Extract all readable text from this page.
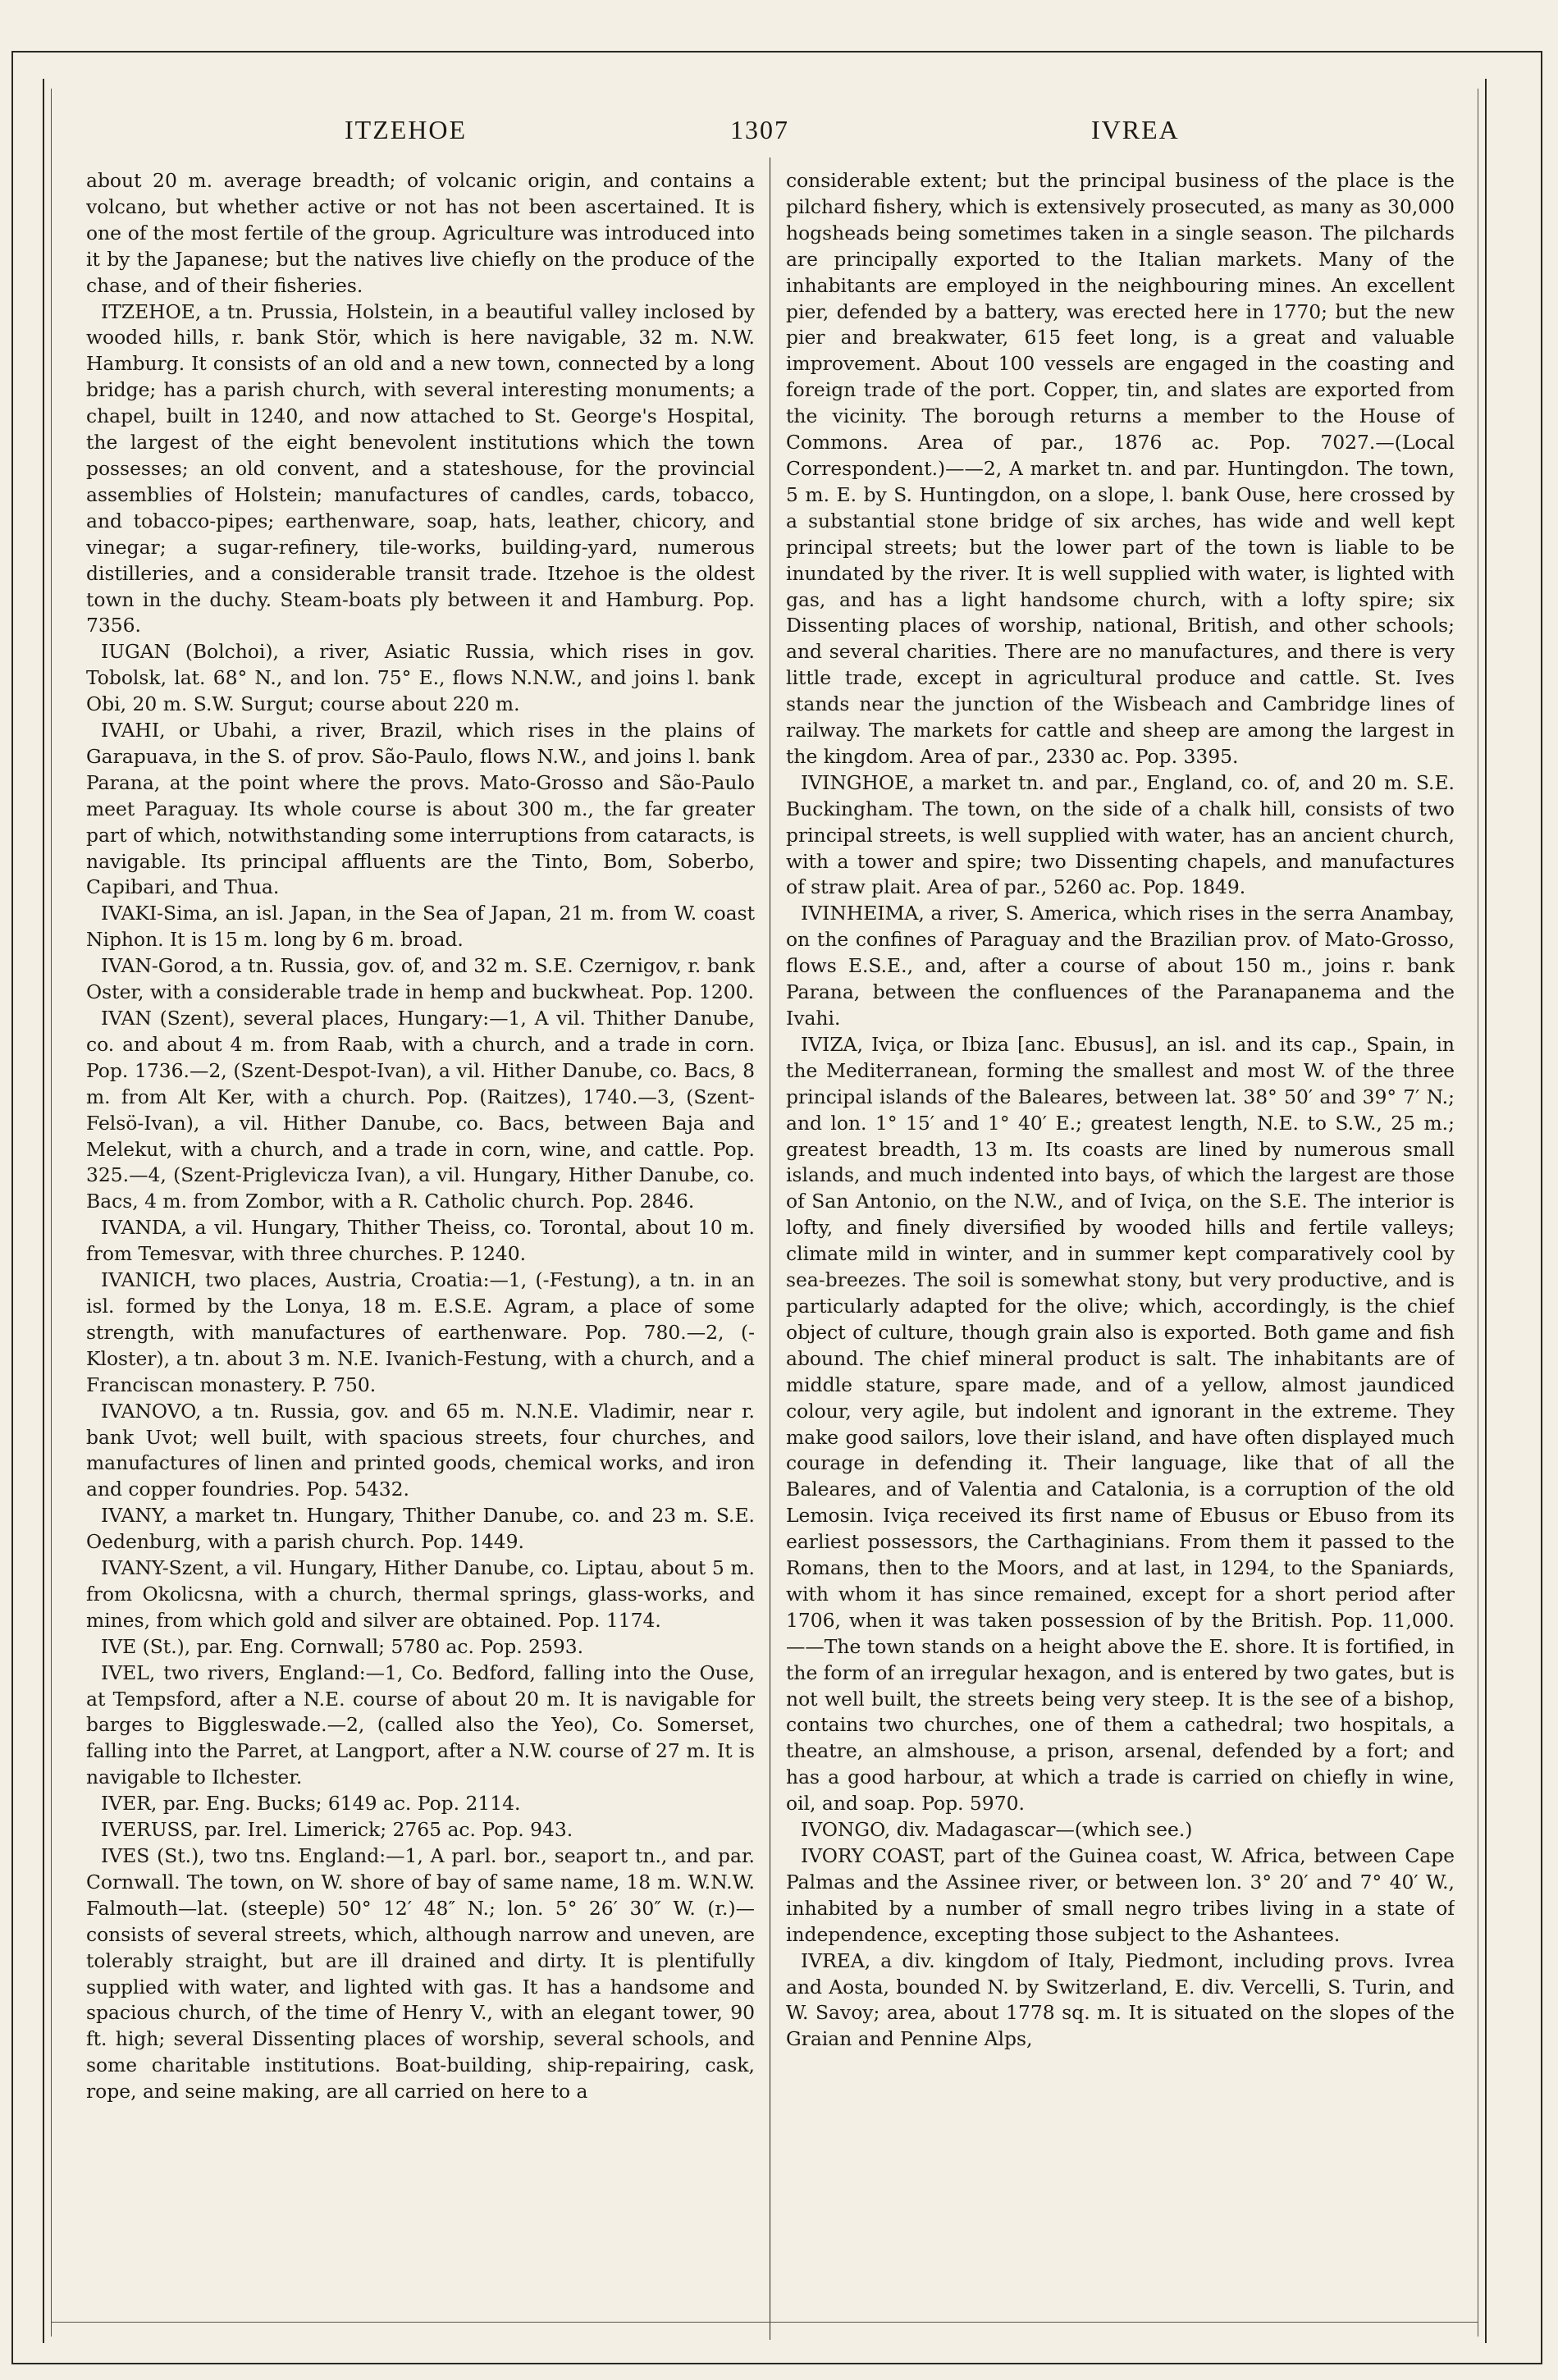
ITZEHOE	1307	IVREA

about 20 m. average breadth; of volcanic origin, and contains a volcano, but whether active or not has not been ascertained. It is one of the most fertile of the group. Agriculture was introduced into it by the Japanese; but the natives live chiefly on the produce of the chase, and of their fisheries.

ITZEHOE, a tn. Prussia, Holstein, in a beautiful valley inclosed by wooded hills, r. bank Stör, which is here navigable, 32 m. N.W. Hamburg. It consists of an old and a new town, connected by a long bridge; has a parish church, with several interesting monuments; a chapel, built in 1240, and now attached to St. George's Hospital, the largest of the eight benevolent institutions which the town possesses; an old convent, and a stateshouse, for the provincial assemblies of Holstein; manufactures of candles, cards, tobacco, and tobacco-pipes; earthenware, soap, hats, leather, chicory, and vinegar; a sugar-refinery, tile-works, building-yard, numerous distilleries, and a considerable transit trade. Itzehoe is the oldest town in the duchy. Steam-boats ply between it and Hamburg. Pop. 7356.

IUGAN (Bolchoi), a river, Asiatic Russia, which rises in gov. Tobolsk, lat. 68° N., and lon. 75° E., flows N.N.W., and joins l. bank Obi, 20 m. S.W. Surgut; course about 220 m.

IVAHI, or Ubahi, a river, Brazil, which rises in the plains of Garapuava, in the S. of prov. São-Paulo, flows N.W., and joins l. bank Parana, at the point where the provs. Mato-Grosso and São-Paulo meet Paraguay. Its whole course is about 300 m., the far greater part of which, notwithstanding some interruptions from cataracts, is navigable. Its principal affluents are the Tinto, Bom, Soberbo, Capibari, and Thua.

IVAKI-Sima, an isl. Japan, in the Sea of Japan, 21 m. from W. coast Niphon. It is 15 m. long by 6 m. broad.

IVAN-Gorod, a tn. Russia, gov. of, and 32 m. S.E. Czernigov, r. bank Oster, with a considerable trade in hemp and buckwheat. Pop. 1200.

IVAN (Szent), several places, Hungary:—1, A vil. Thither Danube, co. and about 4 m. from Raab, with a church, and a trade in corn. Pop. 1736.—2, (Szent-Despot-Ivan), a vil. Hither Danube, co. Bacs, 8 m. from Alt Ker, with a church. Pop. (Raitzes), 1740.—3, (Szent-Felsö-Ivan), a vil. Hither Danube, co. Bacs, between Baja and Melekut, with a church, and a trade in corn, wine, and cattle. Pop. 325.—4, (Szent-Priglevicza Ivan), a vil. Hungary, Hither Danube, co. Bacs, 4 m. from Zombor, with a R. Catholic church. Pop. 2846.

IVANDA, a vil. Hungary, Thither Theiss, co. Torontal, about 10 m. from Temesvar, with three churches. P. 1240.

IVANICH, two places, Austria, Croatia:—1, (-Festung), a tn. in an isl. formed by the Lonya, 18 m. E.S.E. Agram, a place of some strength, with manufactures of earthenware. Pop. 780.—2, (-Kloster), a tn. about 3 m. N.E. Ivanich-Festung, with a church, and a Franciscan monastery. P. 750.

IVANOVO, a tn. Russia, gov. and 65 m. N.N.E. Vladimir, near r. bank Uvot; well built, with spacious streets, four churches, and manufactures of linen and printed goods, chemical works, and iron and copper foundries. Pop. 5432.

IVANY, a market tn. Hungary, Thither Danube, co. and 23 m. S.E. Oedenburg, with a parish church. Pop. 1449.

IVANY-Szent, a vil. Hungary, Hither Danube, co. Liptau, about 5 m. from Okolicsna, with a church, thermal springs, glass-works, and mines, from which gold and silver are obtained. Pop. 1174.

IVE (St.), par. Eng. Cornwall; 5780 ac. Pop. 2593.

IVEL, two rivers, England:—1, Co. Bedford, falling into the Ouse, at Tempsford, after a N.E. course of about 20 m. It is navigable for barges to Biggleswade.—2, (called also the Yeo), Co. Somerset, falling into the Parret, at Langport, after a N.W. course of 27 m. It is navigable to Ilchester.

IVER, par. Eng. Bucks; 6149 ac. Pop. 2114.

IVERUSS, par. Irel. Limerick; 2765 ac. Pop. 943.

IVES (St.), two tns. England:—1, A parl. bor., seaport tn., and par. Cornwall. The town, on W. shore of bay of same name, 18 m. W.N.W. Falmouth—lat. (steeple) 50° 12′ 48″ N.; lon. 5° 26′ 30″ W. (r.)—consists of several streets, which, although narrow and uneven, are tolerably straight, but are ill drained and dirty. It is plentifully supplied with water, and lighted with gas. It has a handsome and spacious church, of the time of Henry V., with an elegant tower, 90 ft. high; several Dissenting places of worship, several schools, and some charitable institutions. Boat-building, ship-repairing, cask, rope, and seine making, are all carried on here to a

considerable extent; but the principal business of the place is the pilchard fishery, which is extensively prosecuted, as many as 30,000 hogsheads being sometimes taken in a single season. The pilchards are principally exported to the Italian markets. Many of the inhabitants are employed in the neighbouring mines. An excellent pier, defended by a battery, was erected here in 1770; but the new pier and breakwater, 615 feet long, is a great and valuable improvement. About 100 vessels are engaged in the coasting and foreign trade of the port. Copper, tin, and slates are exported from the vicinity. The borough returns a member to the House of Commons. Area of par., 1876 ac. Pop. 7027.—(Local Correspondent.)——2, A market tn. and par. Huntingdon. The town, 5 m. E. by S. Huntingdon, on a slope, l. bank Ouse, here crossed by a substantial stone bridge of six arches, has wide and well kept principal streets; but the lower part of the town is liable to be inundated by the river. It is well supplied with water, is lighted with gas, and has a light handsome church, with a lofty spire; six Dissenting places of worship, national, British, and other schools; and several charities. There are no manufactures, and there is very little trade, except in agricultural produce and cattle. St. Ives stands near the junction of the Wisbeach and Cambridge lines of railway. The markets for cattle and sheep are among the largest in the kingdom. Area of par., 2330 ac. Pop. 3395.

IVINGHOE, a market tn. and par., England, co. of, and 20 m. S.E. Buckingham. The town, on the side of a chalk hill, consists of two principal streets, is well supplied with water, has an ancient church, with a tower and spire; two Dissenting chapels, and manufactures of straw plait. Area of par., 5260 ac. Pop. 1849.

IVINHEIMA, a river, S. America, which rises in the serra Anambay, on the confines of Paraguay and the Brazilian prov. of Mato-Grosso, flows E.S.E., and, after a course of about 150 m., joins r. bank Parana, between the confluences of the Paranapanema and the Ivahi.

IVIZA, Iviça, or Ibiza [anc. Ebusus], an isl. and its cap., Spain, in the Mediterranean, forming the smallest and most W. of the three principal islands of the Baleares, between lat. 38° 50′ and 39° 7′ N.; and lon. 1° 15′ and 1° 40′ E.; greatest length, N.E. to S.W., 25 m.; greatest breadth, 13 m. Its coasts are lined by numerous small islands, and much indented into bays, of which the largest are those of San Antonio, on the N.W., and of Iviça, on the S.E. The interior is lofty, and finely diversified by wooded hills and fertile valleys; climate mild in winter, and in summer kept comparatively cool by sea-breezes. The soil is somewhat stony, but very productive, and is particularly adapted for the olive; which, accordingly, is the chief object of culture, though grain also is exported. Both game and fish abound. The chief mineral product is salt. The inhabitants are of middle stature, spare made, and of a yellow, almost jaundiced colour, very agile, but indolent and ignorant in the extreme. They make good sailors, love their island, and have often displayed much courage in defending it. Their language, like that of all the Baleares, and of Valentia and Catalonia, is a corruption of the old Lemosin. Iviça received its first name of Ebusus or Ebuso from its earliest possessors, the Carthaginians. From them it passed to the Romans, then to the Moors, and at last, in 1294, to the Spaniards, with whom it has since remained, except for a short period after 1706, when it was taken possession of by the British. Pop. 11,000.——The town stands on a height above the E. shore. It is fortified, in the form of an irregular hexagon, and is entered by two gates, but is not well built, the streets being very steep. It is the see of a bishop, contains two churches, one of them a cathedral; two hospitals, a theatre, an almshouse, a prison, arsenal, defended by a fort; and has a good harbour, at which a trade is carried on chiefly in wine, oil, and soap. Pop. 5970.

IVONGO, div. Madagascar—(which see.)

IVORY COAST, part of the Guinea coast, W. Africa, between Cape Palmas and the Assinee river, or between lon. 3° 20′ and 7° 40′ W., inhabited by a number of small negro tribes living in a state of independence, excepting those subject to the Ashantees.

IVREA, a div. kingdom of Italy, Piedmont, including provs. Ivrea and Aosta, bounded N. by Switzerland, E. div. Vercelli, S. Turin, and W. Savoy; area, about 1778 sq. m. It is situated on the slopes of the Graian and Pennine Alps,
